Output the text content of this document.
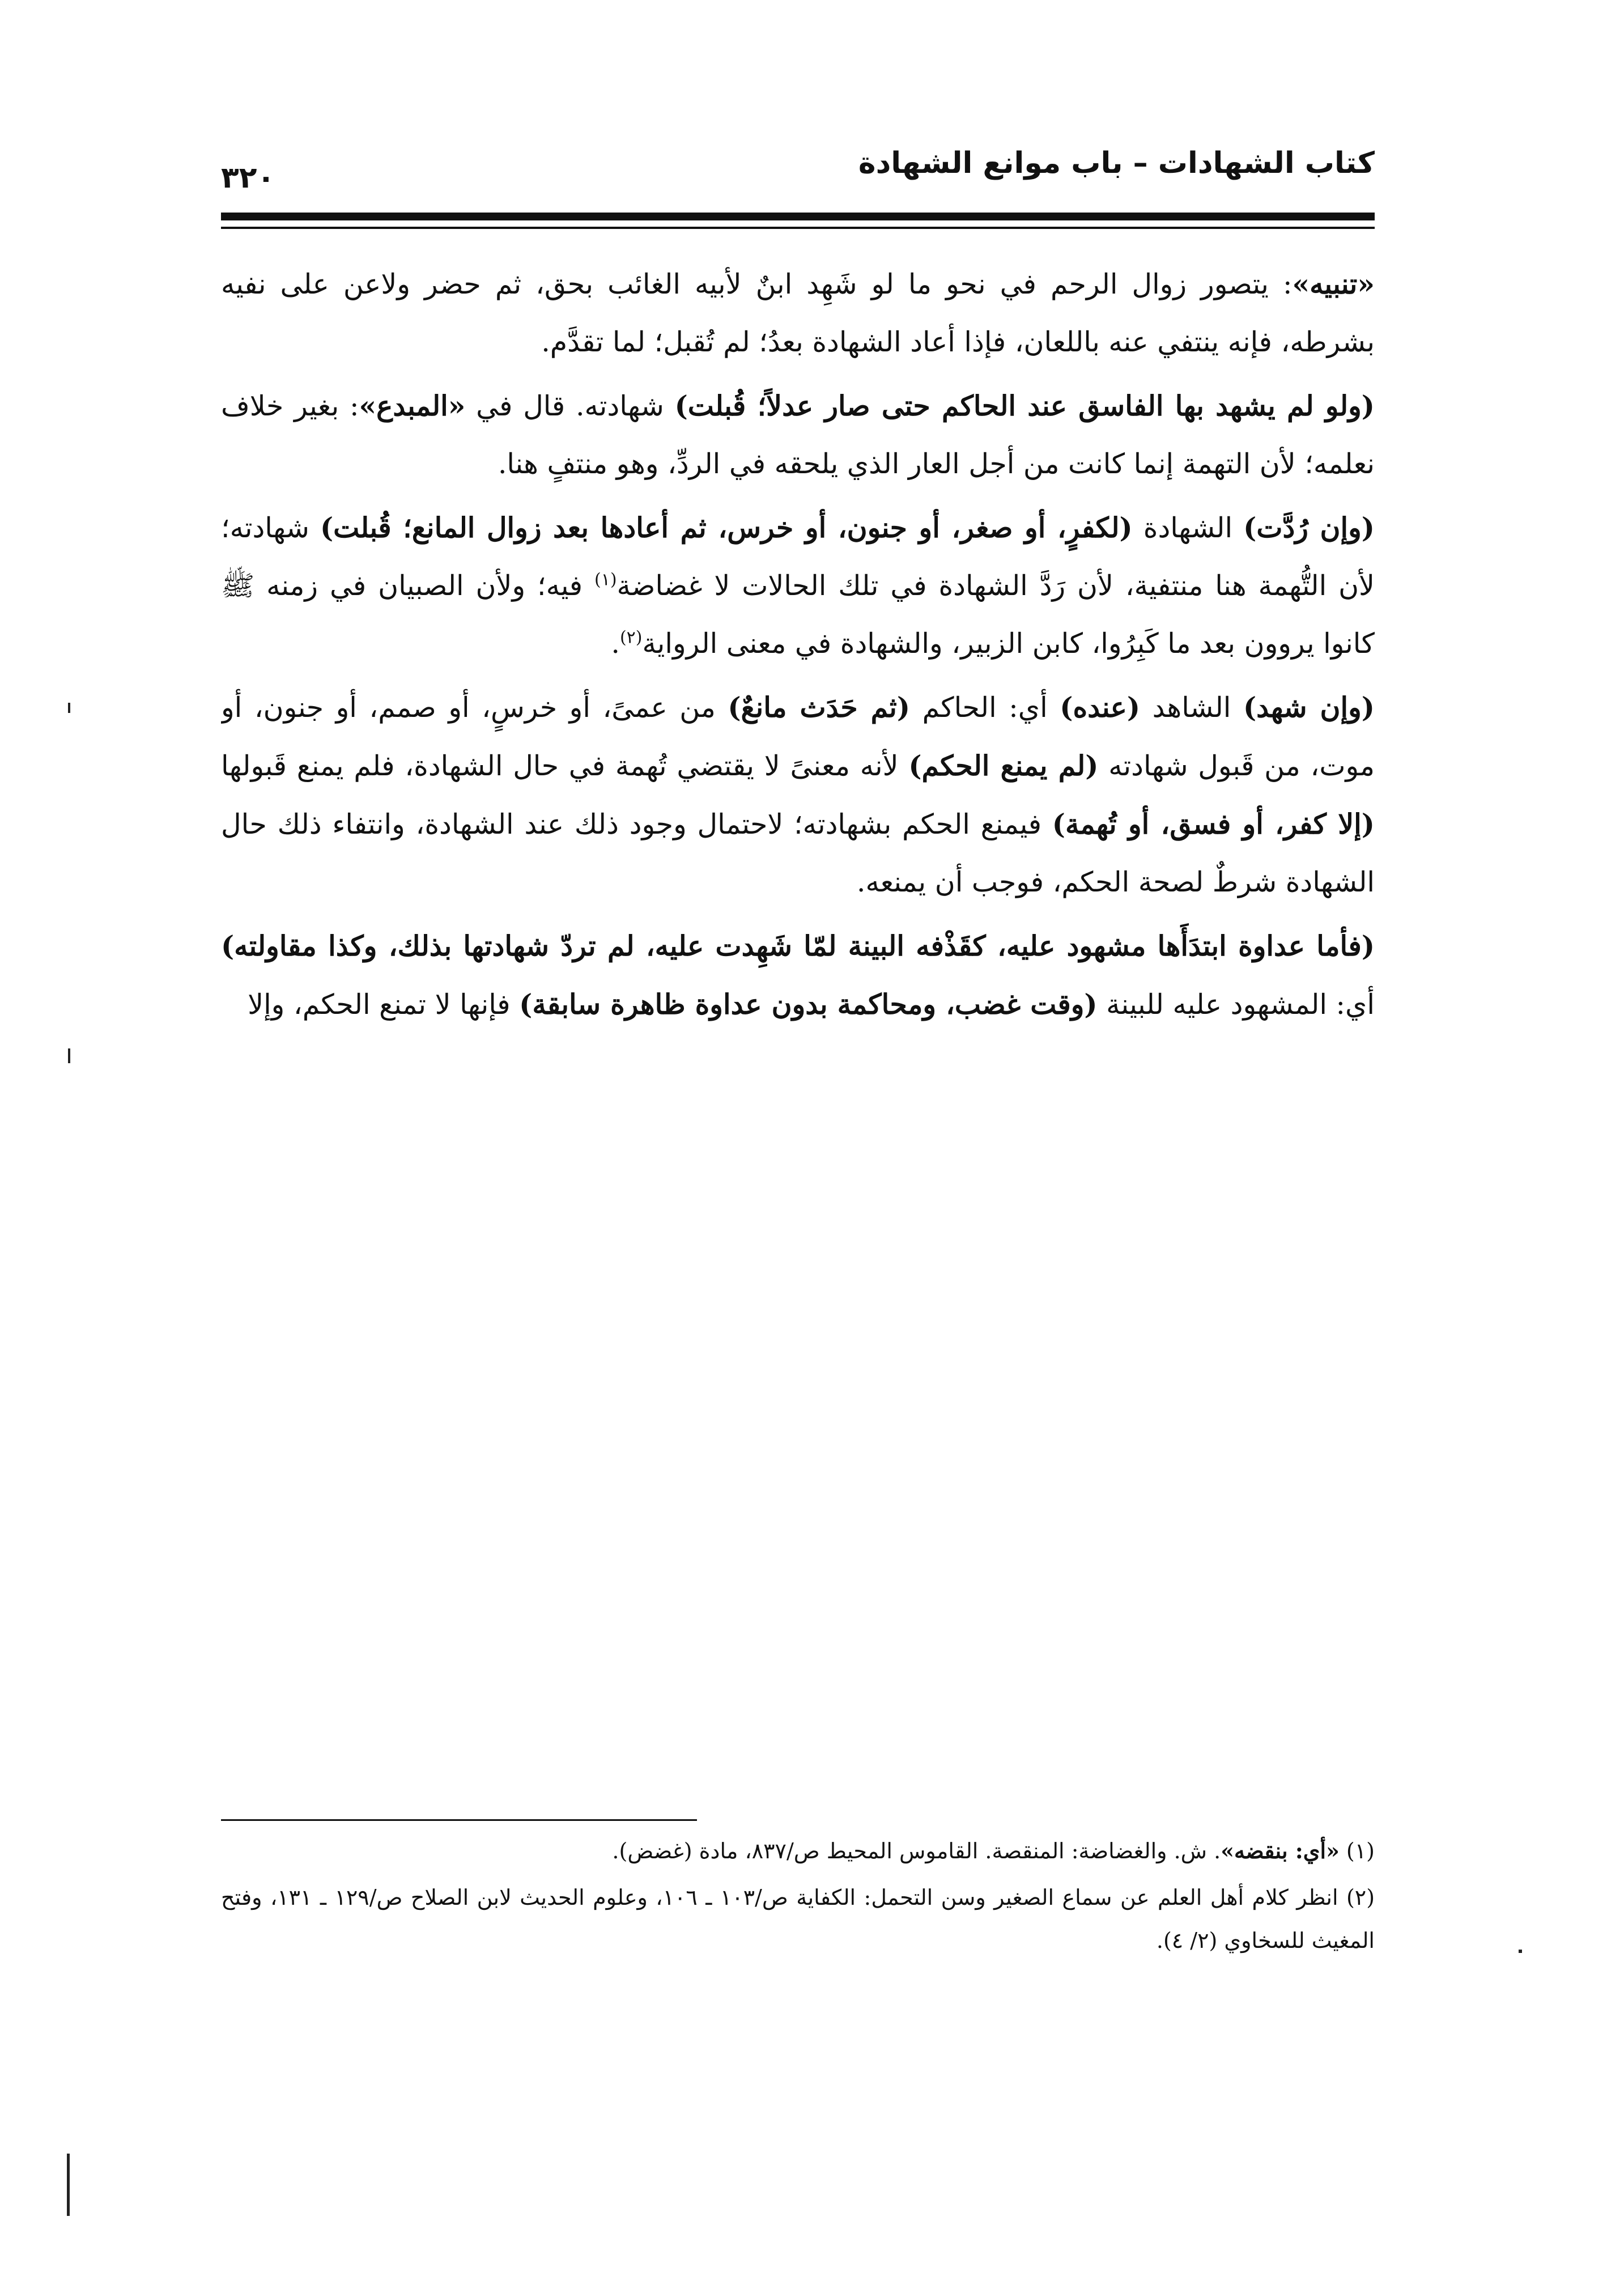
كتاب الشهادات – باب موانع الشهادة
٣٢٠

«تنبيه»: يتصور زوال الرحم في نحو ما لو شَهِد ابنٌ لأبيه الغائب بحق، ثم حضر ولاعن على نفيه بشرطه، فإنه ينتفي عنه باللعان، فإذا أعاد الشهادة بعدُ؛ لم تُقبل؛ لما تقدَّم.

(ولو لم يشهد بها الفاسق عند الحاكم حتى صار عدلاً؛ قُبلت) شهادته. قال في «المبدع»: بغير خلاف نعلمه؛ لأن التهمة إنما كانت من أجل العار الذي يلحقه في الردِّ، وهو منتفٍ هنا.

(وإن رُدَّت) الشهادة (لكفرٍ، أو صغر، أو جنون، أو خرس، ثم أعادها بعد زوال المانع؛ قُبلت) شهادته؛ لأن التُّهمة هنا منتفية، لأن رَدَّ الشهادة في تلك الحالات لا غضاضة$^{(١)}$ فيه؛ ولأن الصبيان في زمنه ﷺ كانوا يروون بعد ما كَبِرُوا، كابن الزبير، والشهادة في معنى الرواية$^{(٢)}$.

(وإن شهد) الشاهد (عنده) أي: الحاكم (ثم حَدَث مانعٌ) من عمىً، أو خرسٍ، أو صمم، أو جنون، أو موت، من قَبول شهادته (لم يمنع الحكم) لأنه معنىً لا يقتضي تُهمة في حال الشهادة، فلم يمنع قَبولها (إلا كفر، أو فسق، أو تُهمة) فيمنع الحكم بشهادته؛ لاحتمال وجود ذلك عند الشهادة، وانتفاء ذلك حال الشهادة شرطٌ لصحة الحكم، فوجب أن يمنعه.

(فأما عداوة ابتدَأَها مشهود عليه، كقَذْفه البينة لمّا شَهِدت عليه، لم تردّ شهادتها بذلك، وكذا مقاولته) أي: المشهود عليه للبينة (وقت غضب، ومحاكمة بدون عداوة ظاهرة سابقة) فإنها لا تمنع الحكم، وإلا

(١) «أي: بنقضه». ش. والغضاضة: المنقصة. القاموس المحيط ص/٨٣٧، مادة (غضض).

(٢) انظر كلام أهل العلم عن سماع الصغير وسن التحمل: الكفاية ص/١٠٣ ـ ١٠٦، وعلوم الحديث لابن الصلاح ص/١٢٩ ـ ١٣١، وفتح المغيث للسخاوي (٢/ ٤).
